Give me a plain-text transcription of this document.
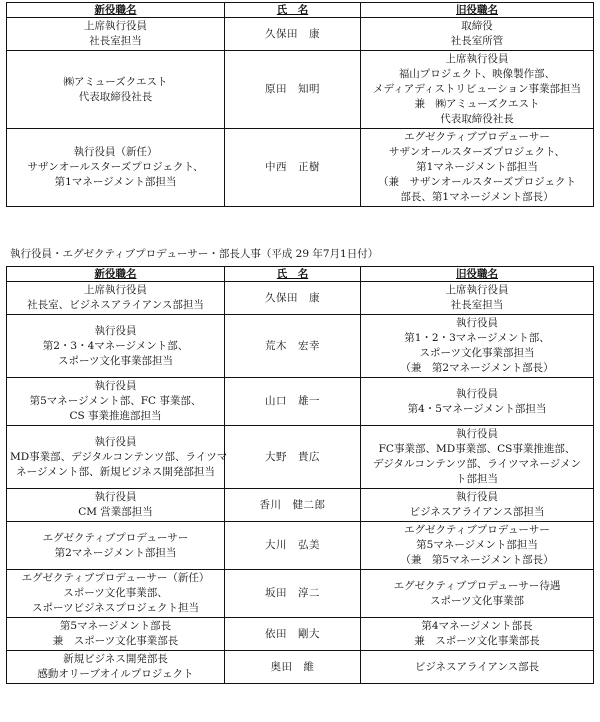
新役職名	氏　名	旧役職名

上席執行役員
社長室担当	久保田　康	取締役
社長室所管

㈱アミューズクエスト
代表取締役社長	原田　知明	上席執行役員
福山プロジェクト、映像製作部、
メディアディストリビューション事業部担当
兼　㈱アミューズクエスト
代表取締役社長

執行役員（新任）
サザンオールスターズプロジェクト、
第1マネージメント部担当	中西　正樹	エグゼクティブプロデューサー
サザンオールスターズプロジェクト、
第1マネージメント部担当
（兼　サザンオールスターズプロジェクト
部長、第1マネージメント部長）
執行役員・エグゼクティブプロデューサー・部長人事（平成 29 年7月1日付）
新役職名	氏　名	旧役職名

上席執行役員
社長室、ビジネスアライアンス部担当	久保田　康	上席執行役員
社長室担当

執行役員
第2・3・4マネージメント部、
スポーツ文化事業部担当	荒木　宏幸	執行役員
第1・2・3マネージメント部、
スポーツ文化事業部担当
（兼　第2マネージメント部長）

執行役員
第5マネージメント部、FC 事業部、
CS 事業推進部担当	山口　雄一	執行役員
第4・5マネージメント部担当

執行役員
MD事業部、デジタルコンテンツ部、ライツマ
ネージメント部、新規ビジネス開発部担当	大野　貴広	執行役員
FC事業部、MD事業部、CS事業推進部、
デジタルコンテンツ部、ライツマネージメン
ト部担当

執行役員
CM 営業部担当	香川　健二郎	執行役員
ビジネスアライアンス部担当

エグゼクティブプロデューサー
第2マネージメント部担当	大川　弘美	エグゼクティブプロデューサー
第5マネージメント部担当
（兼　第5マネージメント部長）

エグゼクティブプロデューサー（新任）
スポーツ文化事業部、
スポーツビジネスプロジェクト担当	坂田　淳二	エグゼクティブプロデューサー待遇
スポーツ文化事業部

第5マネージメント部長
兼　スポーツ文化事業部長	依田　剛大	第4マネージメント部長
兼　スポーツ文化事業部長

新規ビジネス開発部長
感動オリーブオイルプロジェクト	奥田　維	ビジネスアライアンス部長
